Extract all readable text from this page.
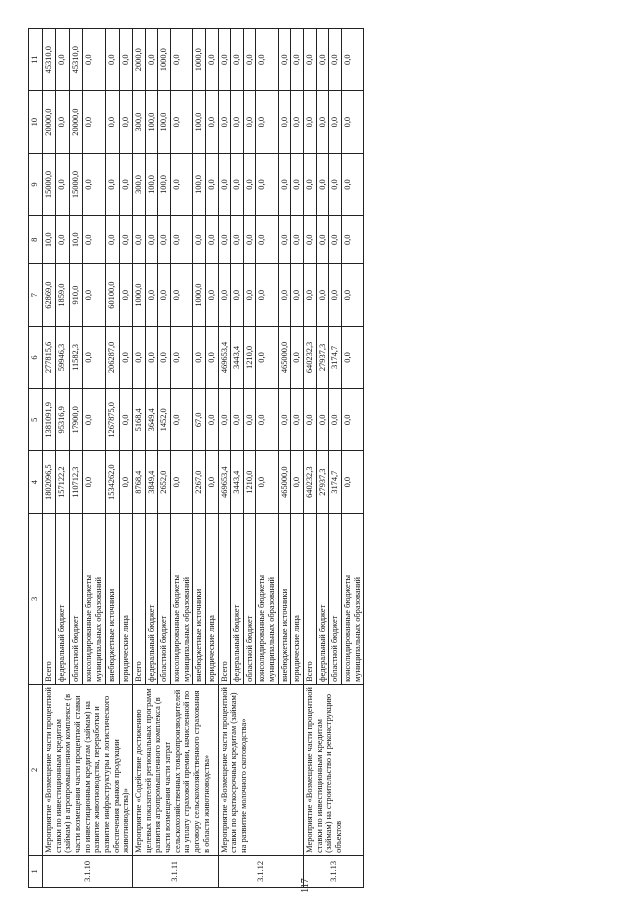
117
1	2	3	4	5	6	7	8	9	10	11
3.1.10	Мероприятие «Возмещение части процентной ставки по инвестиционным кредитам (займам) в агропромышленном комплексе (в части возмещения части процентной ставки по инвестиционным кредитам (займам) на развитие животноводства, переработки и развитие инфраструктуры и логистического обеспечения рынков продукции животноводства)»	Всего	1802096,5	1381091,9	277815,6	62869,0	10,0	15000,0	20000,0	45310,0
		федеральный бюджет	157122,2	95316,9	59946,3	1859,0	0,0	0,0	0,0	0,0
		областной бюджет	110712,3	17900,0	11582,3	910,0	10,0	15000,0	20000,0	45310,0
		консолидированные бюджеты муниципальных образований	0,0	0,0	0,0	0,0	0,0	0,0	0,0	0,0
		внебюджетные источники	1534262,0	1267875,0	206287,0	60100,0	0,0	0,0	0,0	0,0
		юридические лица	0,0	0,0	0,0	0,0	0,0	0,0	0,0	0,0
3.1.11	Мероприятие «Содействие достижению целевых показателей региональных программ развития агропромышленного комплекса (в части возмещения части затрат сельскохозяйственных товаропроизводителей на уплату страховой премии, начисленной по договору сельскохозяйственного страхования в области животноводства»	Всего	8768,4	5168,4	0,0	1000,0	0,0	300,0	300,0	2000,0
		федеральный бюджет	3849,4	3649,4	0,0	0,0	0,0	100,0	100,0	0,0
		областной бюджет	2652,0	1452,0	0,0	0,0	0,0	100,0	100,0	1000,0
		консолидированные бюджеты муниципальных образований	0,0	0,0	0,0	0,0	0,0	0,0	0,0	0,0
		внебюджетные источники	2267,0	67,0	0,0	1000,0	0,0	100,0	100,0	1000,0
		юридические лица	0,0	0,0	0,0	0,0	0,0	0,0	0,0	0,0
3.1.12	Мероприятие «Возмещение части процентной ставки по краткосрочным кредитам (займам) на развитие молочного скотоводства»	Всего	469653,4	0,0	469653,4	0,0	0,0	0,0	0,0	0,0
		федеральный бюджет	3443,4	0,0	3443,4	0,0	0,0	0,0	0,0	0,0
		областной бюджет	1210,0	0,0	1210,0	0,0	0,0	0,0	0,0	0,0
		консолидированные бюджеты муниципальных образований	0,0	0,0	0,0	0,0	0,0	0,0	0,0	0,0
		внебюджетные источники	465000,0	0,0	465000,0	0,0	0,0	0,0	0,0	0,0
		юридические лица	0,0	0,0	0,0	0,0	0,0	0,0	0,0	0,0
3.1.13	Мероприятие «Возмещение части процентной ставки по инвестиционным кредитам (займам) на строительство и реконструкцию объектов	Всего	640232,3	0,0	640232,3	0,0	0,0	0,0	0,0	0,0
		федеральный бюджет	27937,3	0,0	27937,3	0,0	0,0	0,0	0,0	0,0
		областной бюджет	3174,7	0,0	3174,7	0,0	0,0	0,0	0,0	0,0
		консолидированные бюджеты муниципальных образований	0,0	0,0	0,0	0,0	0,0	0,0	0,0	0,0
